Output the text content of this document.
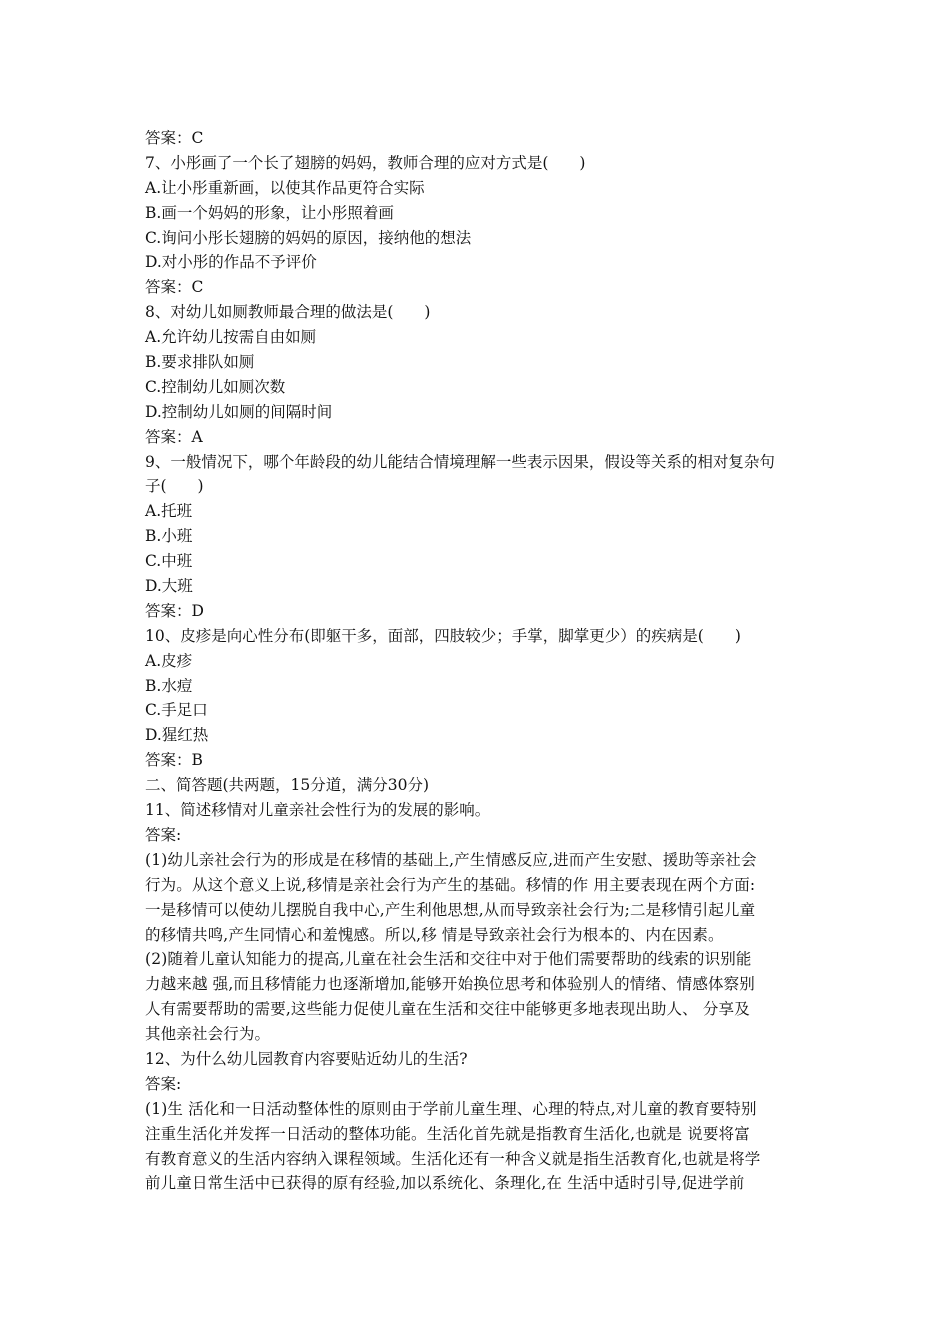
答案：C
7、小彤画了一个长了翅膀的妈妈，教师合理的应对方式是(　　)
A.让小彤重新画，以使其作品更符合实际
B.画一个妈妈的形象，让小彤照着画
C.询问小彤长翅膀的妈妈的原因，接纳他的想法
D.对小彤的作品不予评价
答案：C
8、对幼儿如厕教师最合理的做法是(　　)
A.允许幼儿按需自由如厕
B.要求排队如厕
C.控制幼儿如厕次数
D.控制幼儿如厕的间隔时间
答案：A
9、一般情况下，哪个年龄段的幼儿能结合情境理解一些表示因果，假设等关系的相对复杂句
子(　　)
A.托班
B.小班
C.中班
D.大班
答案：D
10、皮疹是向心性分布(即躯干多，面部，四肢较少；手掌，脚掌更少）的疾病是(　　)
A.皮疹
B.水痘
C.手足口
D.猩红热
答案：B
二、简答题(共两题，15分道，满分30分)
11、简述移情对儿童亲社会性行为的发展的影响。
答案:
(1)幼儿亲社会行为的形成是在移情的基础上,产生情感反应,进而产生安慰、援助等亲社会
行为。从这个意义上说,移情是亲社会行为产生的基础。移情的作 用主要表现在两个方面:
一是移情可以使幼儿摆脱自我中心,产生利他思想,从而导致亲社会行为;二是移情引起儿童
的移情共鸣,产生同情心和羞愧感。所以,移 情是导致亲社会行为根本的、内在因素。
(2)随着儿童认知能力的提高,儿童在社会生活和交往中对于他们需要帮助的线索的识别能
力越来越 强,而且移情能力也逐渐增加,能够开始换位思考和体验别人的情绪、情感体察别
人有需要帮助的需要,这些能力促使儿童在生活和交往中能够更多地表现出助人、 分享及
其他亲社会行为。
12、为什么幼儿园教育内容要贴近幼儿的生活?
答案:
(1)生 活化和一日活动整体性的原则由于学前儿童生理、心理的特点,对儿童的教育要特别
注重生活化并发挥一日活动的整体功能。生活化首先就是指教育生活化,也就是 说要将富
有教育意义的生活内容纳入课程领域。生活化还有一种含义就是指生活教育化,也就是将学
前儿童日常生活中已获得的原有经验,加以系统化、条理化,在 生活中适时引导,促进学前
